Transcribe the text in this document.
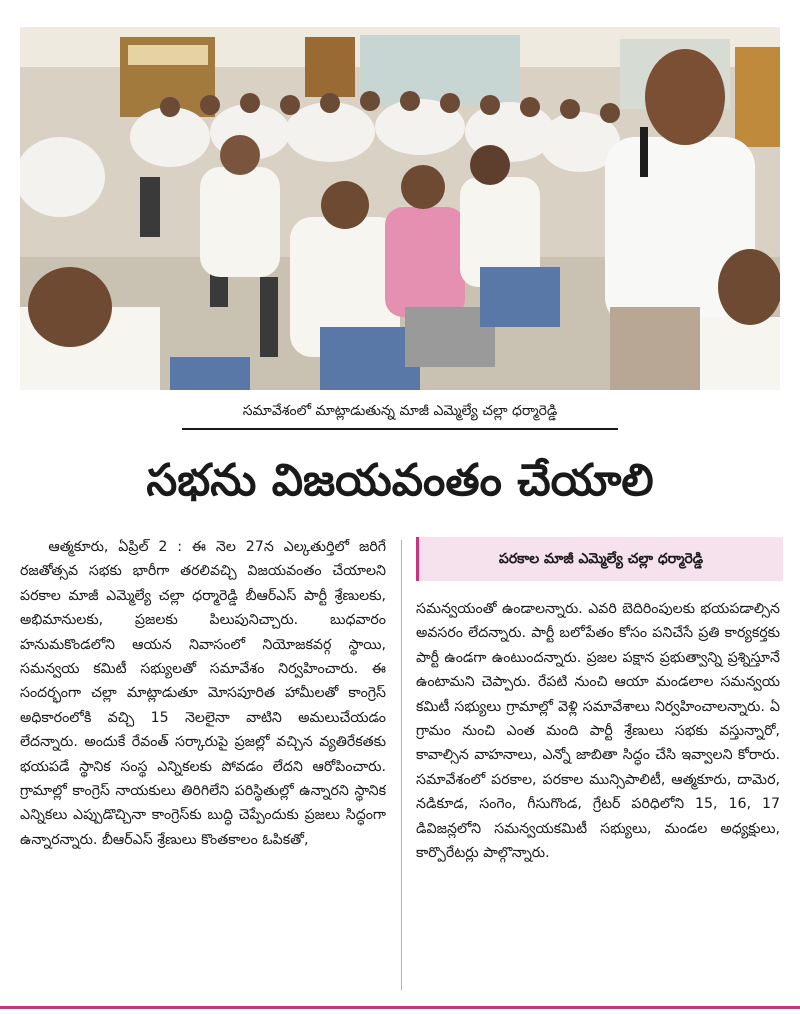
సమావేశంలో మాట్లాడుతున్న మాజీ ఎమ్మెల్యే చల్లా ధర్మారెడ్డి
సభను విజయవంతం చేయాలి

ఆత్మకూరు, ఏప్రిల్ 2 : ఈ నెల 27న ఎల్కతుర్తిలో జరిగే రజతోత్సవ సభకు భారీగా తరలివచ్చి విజయవంతం చేయాలని పరకాల మాజీ ఎమ్మెల్యే చల్లా ధర్మారెడ్డి బీఆర్ఎస్ పార్టీ శ్రేణులకు, అభిమానులకు, ప్రజలకు పిలుపునిచ్చారు. బుధవారం హనుమకొండలోని ఆయన నివాసంలో నియోజకవర్గ స్థాయి, సమన్వయ కమిటీ సభ్యులతో సమావేశం నిర్వహించారు. ఈ సందర్భంగా చల్లా మాట్లాడుతూ మోసపూరిత హామీలతో కాంగ్రెస్ అధికారంలోకి వచ్చి 15 నెలలైనా వాటిని అమలుచేయడం లేదన్నారు. అందుకే రేవంత్ సర్కారుపై ప్రజల్లో వచ్చిన వ్యతిరేకతకు భయపడే స్థానిక సంస్థ ఎన్నికలకు పోవడం లేదని ఆరోపించారు. గ్రామాల్లో కాంగ్రెస్ నాయకులు తిరిగిలేని పరిస్థితుల్లో ఉన్నారని స్థానిక ఎన్నికలు ఎప్పుడొచ్చినా కాంగ్రెస్‌కు బుద్ధి చెప్పేందుకు ప్రజలు సిద్ధంగా ఉన్నారన్నారు. బీఆర్ఎస్ శ్రేణులు కొంతకాలం ఓపికతో,

పరకాల మాజీ ఎమ్మెల్యే చల్లా ధర్మారెడ్డి

సమన్వయంతో ఉండాలన్నారు. ఎవరి బెదిరింపులకు భయపడాల్సిన అవసరం లేదన్నారు. పార్టీ బలోపేతం కోసం పనిచేసే ప్రతి కార్యకర్తకు పార్టీ ఉండగా ఉంటుందన్నారు. ప్రజల పక్షాన ప్రభుత్వాన్ని ప్రశ్నిస్తూనే ఉంటామని చెప్పారు. రేపటి నుంచి ఆయా మండలాల సమన్వయ కమిటీ సభ్యులు గ్రామాల్లో వెళ్లి సమావేశాలు నిర్వహించాలన్నారు. ఏ గ్రామం నుంచి ఎంత మంది పార్టీ శ్రేణులు సభకు వస్తున్నారో, కావాల్సిన వాహనాలు, ఎన్నో జాబితా సిద్ధం చేసి ఇవ్వాలని కోరారు. సమావేశంలో పరకాల, పరకాల మున్సిపాలిటీ, ఆత్మకూరు, దామెర, నడికూడ, సంగెం, గీసుగొండ, గ్రేటర్ పరిధిలోని 15, 16, 17 డివిజన్లలోని సమన్వయకమిటీ సభ్యులు, మండల అధ్యక్షులు, కార్పొరేటర్లు పాల్గొన్నారు.
